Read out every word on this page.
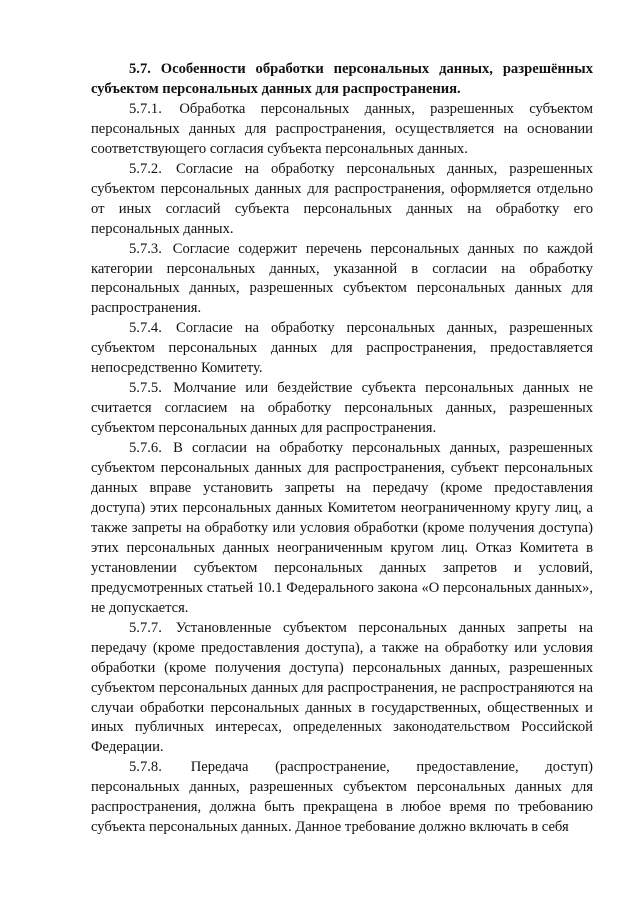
5.7. Особенности обработки персональных данных, разрешённых субъектом персональных данных для распространения.

5.7.1. Обработка персональных данных, разрешенных субъектом персональных данных для распространения, осуществляется на основании соответствующего согласия субъекта персональных данных.

5.7.2. Согласие на обработку персональных данных, разрешенных субъектом персональных данных для распространения, оформляется отдельно от иных согласий субъекта персональных данных на обработку его персональных данных.

5.7.3. Согласие содержит перечень персональных данных по каждой категории персональных данных, указанной в согласии на обработку персональных данных, разрешенных субъектом персональных данных для распространения.

5.7.4. Согласие на обработку персональных данных, разрешенных субъектом персональных данных для распространения, предоставляется непосредственно Комитету.

5.7.5. Молчание или бездействие субъекта персональных данных не считается согласием на обработку персональных данных, разрешенных субъектом персональных данных для распространения.

5.7.6. В согласии на обработку персональных данных, разрешенных субъектом персональных данных для распространения, субъект персональных данных вправе установить запреты на передачу (кроме предоставления доступа) этих персональных данных Комитетом неограниченному кругу лиц, а также запреты на обработку или условия обработки (кроме получения доступа) этих персональных данных неограниченным кругом лиц. Отказ Комитета в установлении субъектом персональных данных запретов и условий, предусмотренных статьей 10.1 Федерального закона «О персональных данных», не допускается.

5.7.7. Установленные субъектом персональных данных запреты на передачу (кроме предоставления доступа), а также на обработку или условия обработки (кроме получения доступа) персональных данных, разрешенных субъектом персональных данных для распространения, не распространяются на случаи обработки персональных данных в государственных, общественных и иных публичных интересах, определенных законодательством Российской Федерации.

5.7.8. Передача (распространение, предоставление, доступ) персональных данных, разрешенных субъектом персональных данных для распространения, должна быть прекращена в любое время по требованию субъекта персональных данных. Данное требование должно включать в себя
